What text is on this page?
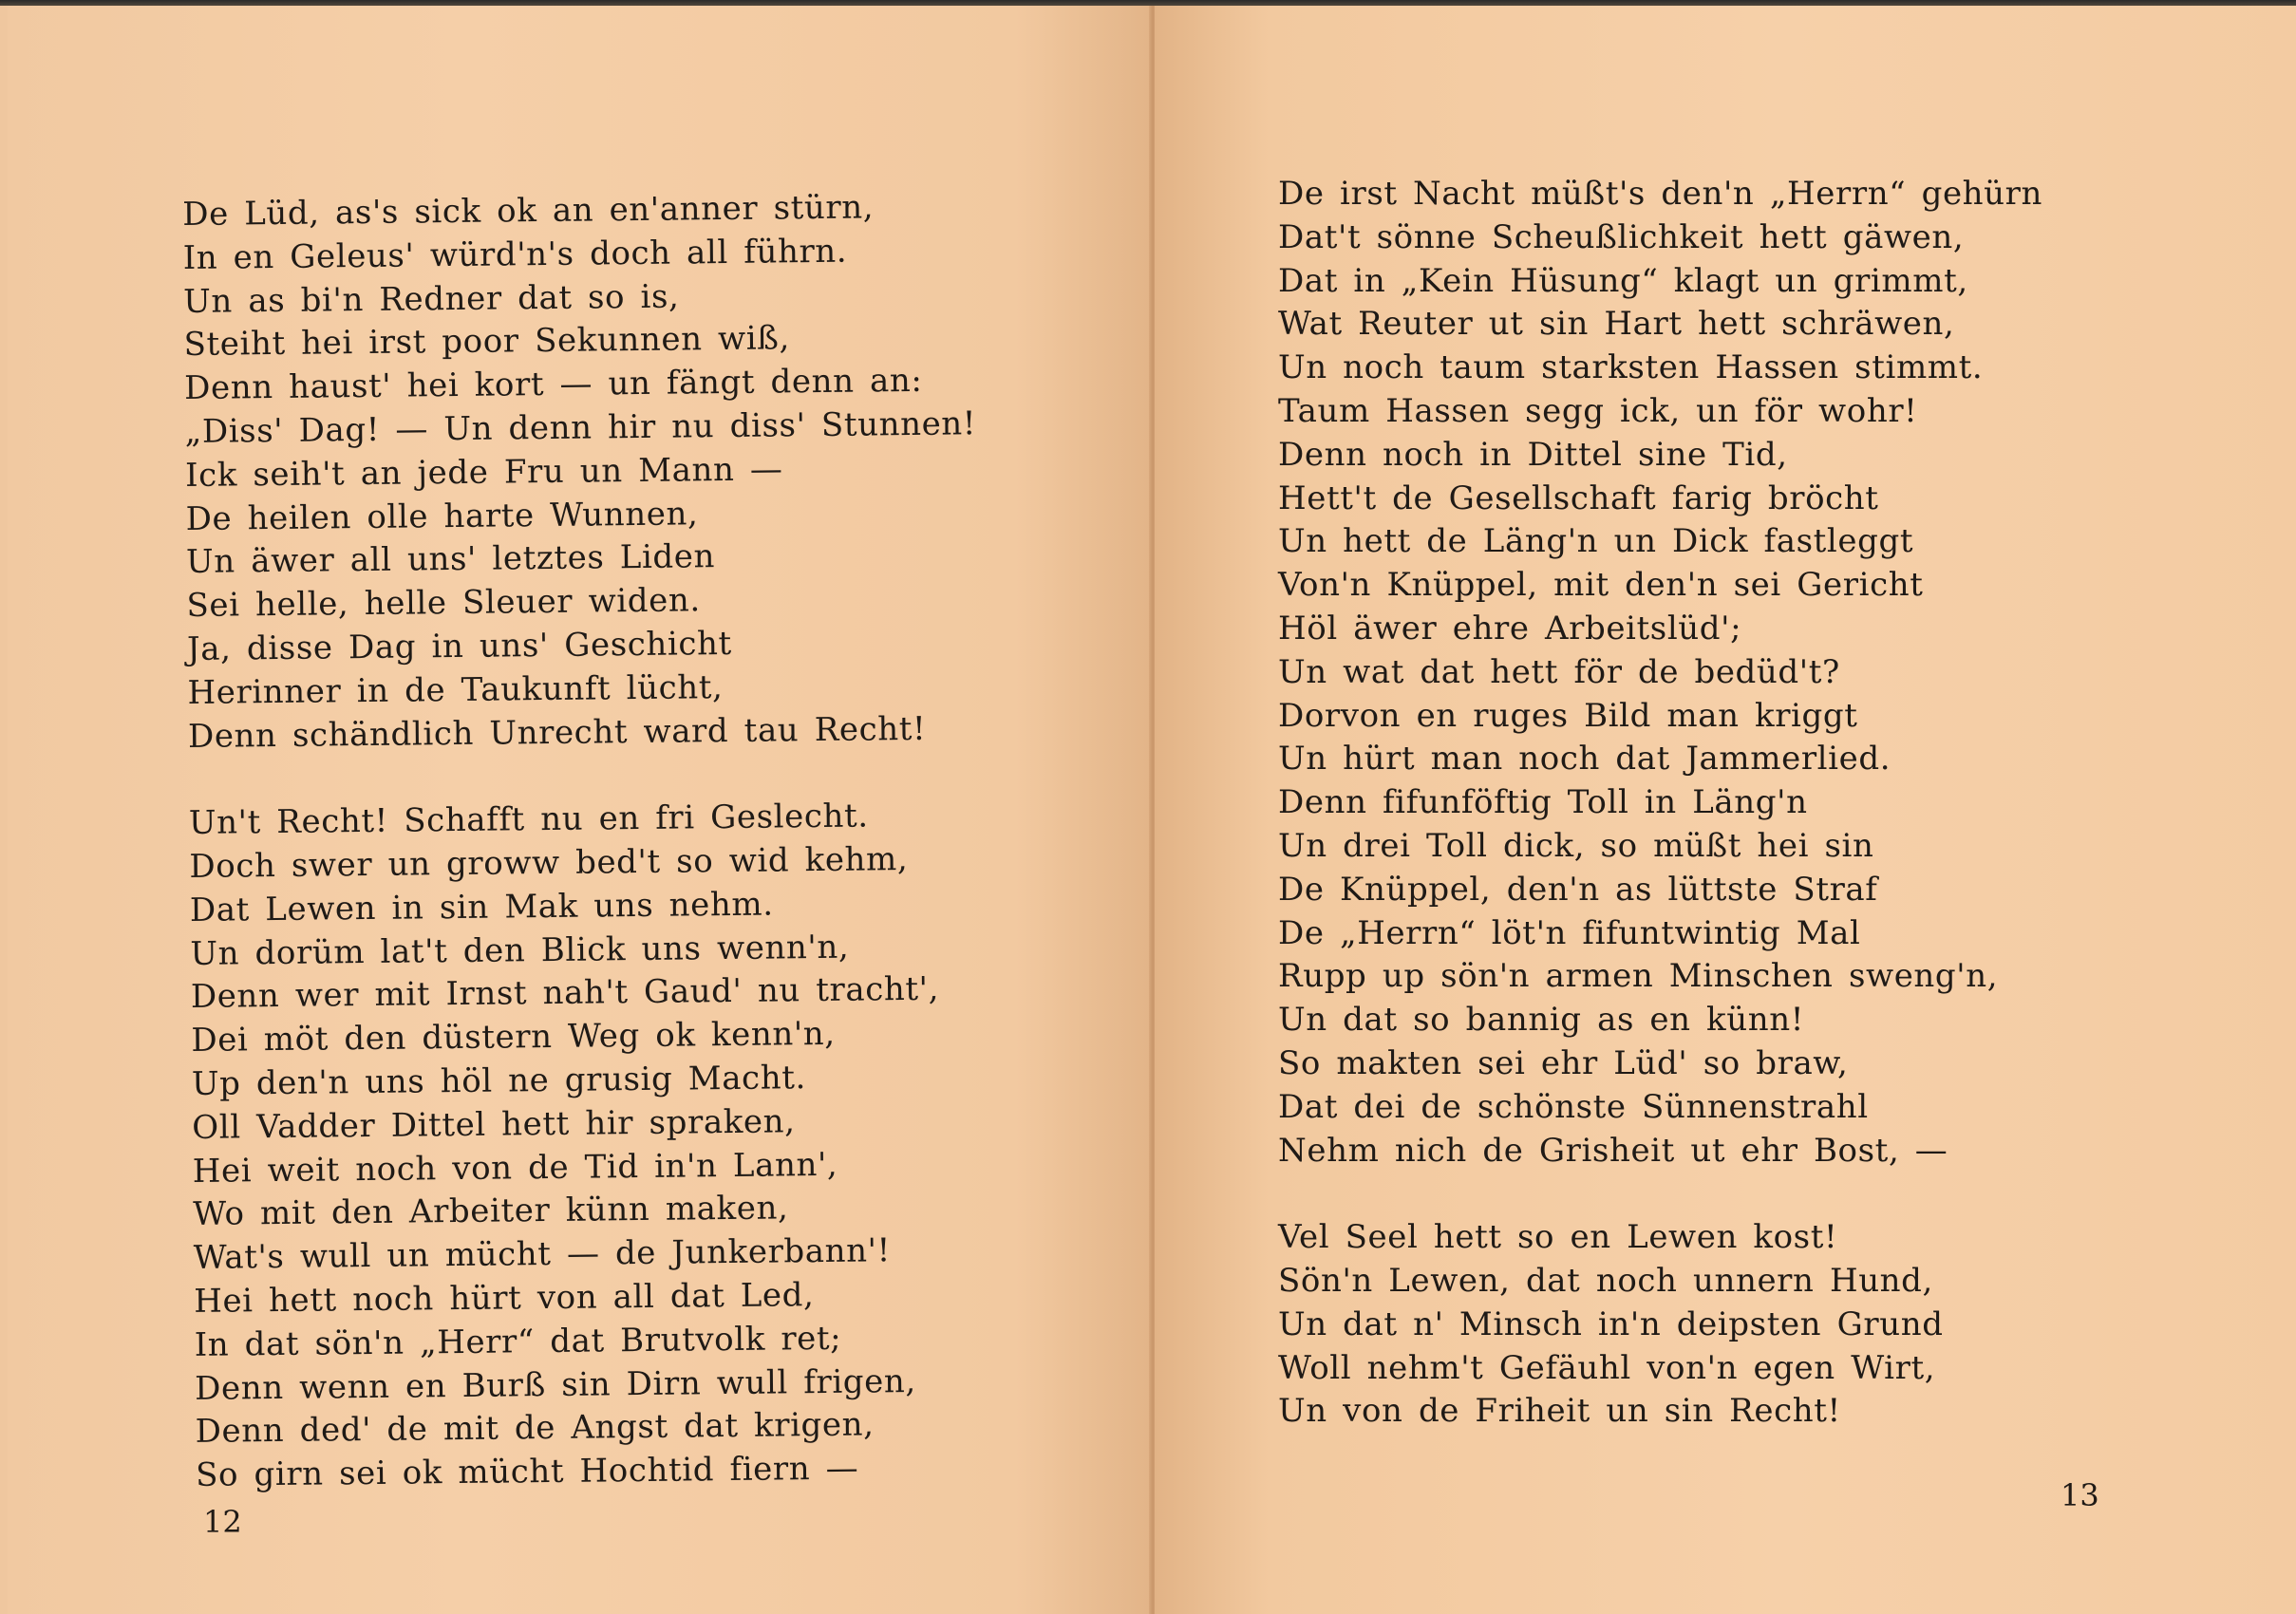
De Lüd, as's sick ok an en'anner stürn,
In en Geleus' würd'n's doch all führn.
Un as bi'n Redner dat so is,
Steiht hei irst poor Sekunnen wiß,
Denn haust' hei kort — un fängt denn an:
„Diss' Dag! — Un denn hir nu diss' Stunnen!
Ick seih't an jede Fru un Mann —
De heilen olle harte Wunnen,
Un äwer all uns' letztes Liden
Sei helle, helle Sleuer widen.
Ja, disse Dag in uns' Geschicht
Herinner in de Taukunft lücht,
Denn schändlich Unrecht ward tau Recht!
Un't Recht! Schafft nu en fri Geslecht.
Doch swer un groww bed't so wid kehm,
Dat Lewen in sin Mak uns nehm.
Un dorüm lat't den Blick uns wenn'n,
Denn wer mit Irnst nah't Gaud' nu tracht',
Dei möt den düstern Weg ok kenn'n,
Up den'n uns höl ne grusig Macht.
Oll Vadder Dittel hett hir spraken,
Hei weit noch von de Tid in'n Lann',
Wo mit den Arbeiter künn maken,
Wat's wull un mücht — de Junkerbann'!
Hei hett noch hürt von all dat Led,
In dat sön'n „Herr“ dat Brutvolk ret;
Denn wenn en Burß sin Dirn wull frigen,
Denn ded' de mit de Angst dat krigen,
So girn sei ok mücht Hochtid fiern —
De irst Nacht müßt's den'n „Herrn“ gehürn
Dat't sönne Scheußlichkeit hett gäwen,
Dat in „Kein Hüsung“ klagt un grimmt,
Wat Reuter ut sin Hart hett schräwen,
Un noch taum starksten Hassen stimmt.
Taum Hassen segg ick, un för wohr!
Denn noch in Dittel sine Tid,
Hett't de Gesellschaft farig bröcht
Un hett de Läng'n un Dick fastleggt
Von'n Knüppel, mit den'n sei Gericht
Höl äwer ehre Arbeitslüd';
Un wat dat hett för de bedüd't?
Dorvon en ruges Bild man kriggt
Un hürt man noch dat Jammerlied.
Denn fifunföftig Toll in Läng'n
Un drei Toll dick, so müßt hei sin
De Knüppel, den'n as lüttste Straf
De „Herrn“ löt'n fifuntwintig Mal
Rupp up sön'n armen Minschen sweng'n,
Un dat so bannig as en künn!
So makten sei ehr Lüd' so braw,
Dat dei de schönste Sünnenstrahl
Nehm nich de Grisheit ut ehr Bost, —
Vel Seel hett so en Lewen kost!
Sön'n Lewen, dat noch unnern Hund,
Un dat n' Minsch in'n deipsten Grund
Woll nehm't Gefäuhl von'n egen Wirt,
Un von de Friheit un sin Recht!
12
13
